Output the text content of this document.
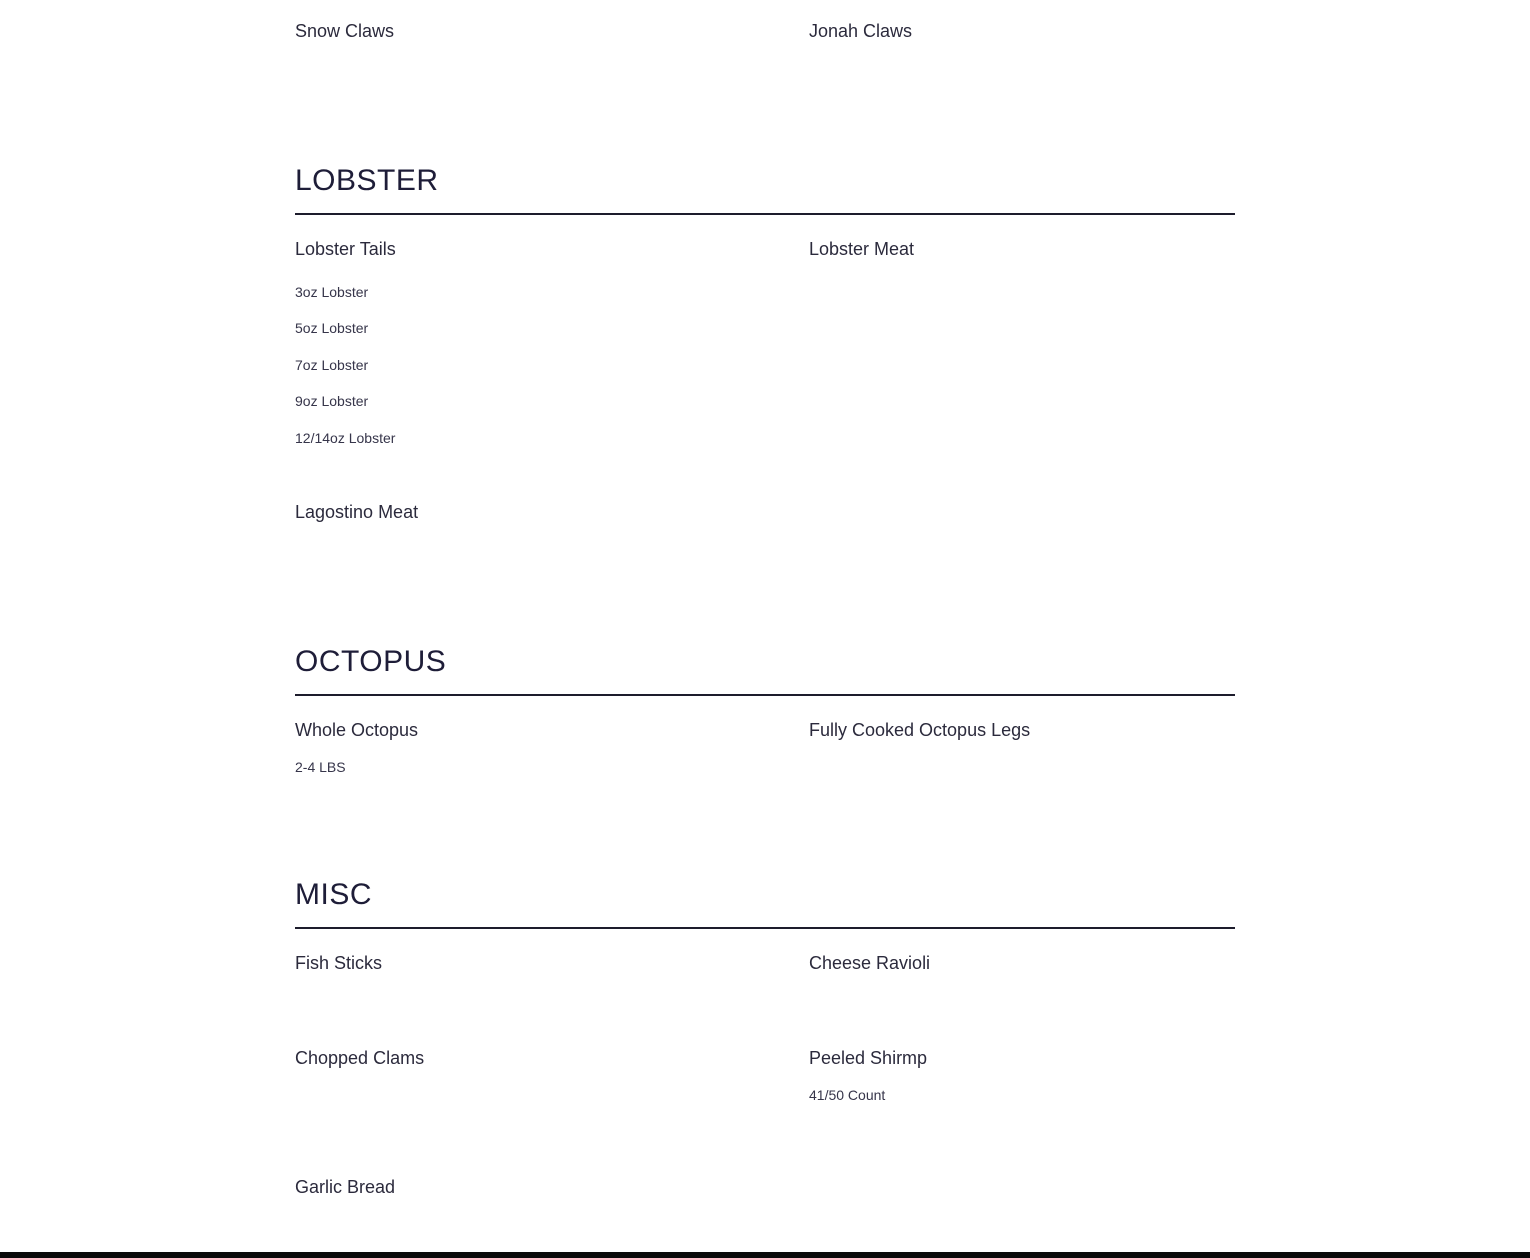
Snow Claws	Jonah Claws
LOBSTER
Lobster Tails	Lobster Meat
3oz Lobster
5oz Lobster
7oz Lobster
9oz Lobster
12/14oz Lobster
Lagostino Meat
OCTOPUS
Whole Octopus	Fully Cooked Octopus Legs
2-4 LBS
MISC
Fish Sticks	Cheese Ravioli
Chopped Clams	Peeled Shirmp
41/50 Count
Garlic Bread
